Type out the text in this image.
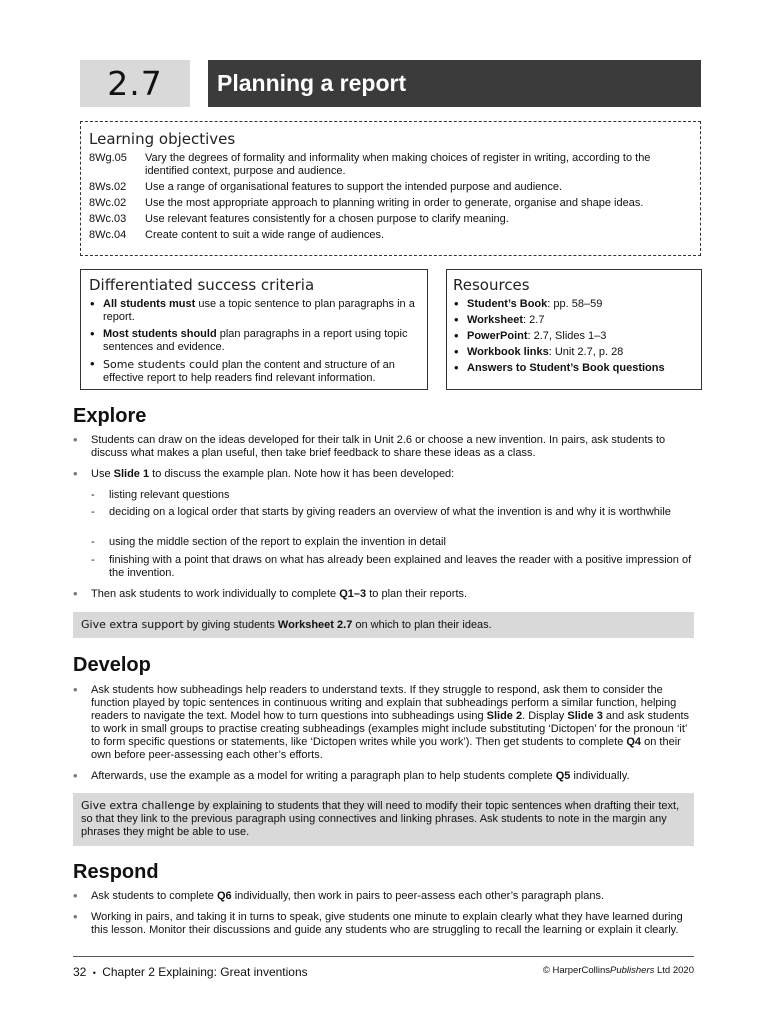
2.7	Planning a report
Learning objectives
8Wg.05	Vary the degrees of formality and informality when making choices of register in writing, according to the identified context, purpose and audience.
8Ws.02	Use a range of organisational features to support the intended purpose and audience.
8Wc.02	Use the most appropriate approach to planning writing in order to generate, organise and shape ideas.
8Wc.03	Use relevant features consistently for a chosen purpose to clarify meaning.
8Wc.04	Create content to suit a wide range of audiences.
Differentiated success criteria
• All students must use a topic sentence to plan paragraphs in a report.
• Most students should plan paragraphs in a report using topic sentences and evidence.
• Some students could plan the content and structure of an effective report to help readers find relevant information.
Resources
• Student’s Book: pp. 58–59
• Worksheet: 2.7
• PowerPoint: 2.7, Slides 1–3
• Workbook links: Unit 2.7, p. 28
• Answers to Student’s Book questions
Explore
• Students can draw on the ideas developed for their talk in Unit 2.6 or choose a new invention. In pairs, ask students to discuss what makes a plan useful, then take brief feedback to share these ideas as a class.
• Use Slide 1 to discuss the example plan. Note how it has been developed:
- listing relevant questions
- deciding on a logical order that starts by giving readers an overview of what the invention is and why it is worthwhile
- using the middle section of the report to explain the invention in detail
- finishing with a point that draws on what has already been explained and leaves the reader with a positive impression of the invention.
• Then ask students to work individually to complete Q1–3 to plan their reports.
Give extra support by giving students Worksheet 2.7 on which to plan their ideas.
Develop
• Ask students how subheadings help readers to understand texts. If they struggle to respond, ask them to consider the function played by topic sentences in continuous writing and explain that subheadings perform a similar function, helping readers to navigate the text. Model how to turn questions into subheadings using Slide 2. Display Slide 3 and ask students to work in small groups to practise creating subheadings (examples might include substituting ‘Dictopen’ for the pronoun ‘it’ to form specific questions or statements, like ‘Dictopen writes while you work’). Then get students to complete Q4 on their own before peer-assessing each other’s efforts.
• Afterwards, use the example as a model for writing a paragraph plan to help students complete Q5 individually.
Give extra challenge by explaining to students that they will need to modify their topic sentences when drafting their text, so that they link to the previous paragraph using connectives and linking phrases. Ask students to note in the margin any phrases they might be able to use.
Respond
• Ask students to complete Q6 individually, then work in pairs to peer-assess each other’s paragraph plans.
• Working in pairs, and taking it in turns to speak, give students one minute to explain clearly what they have learned during this lesson. Monitor their discussions and guide any students who are struggling to recall the learning or explain it clearly.
32 • Chapter 2 Explaining: Great inventions	© HarperCollinsPublishers Ltd 2020
